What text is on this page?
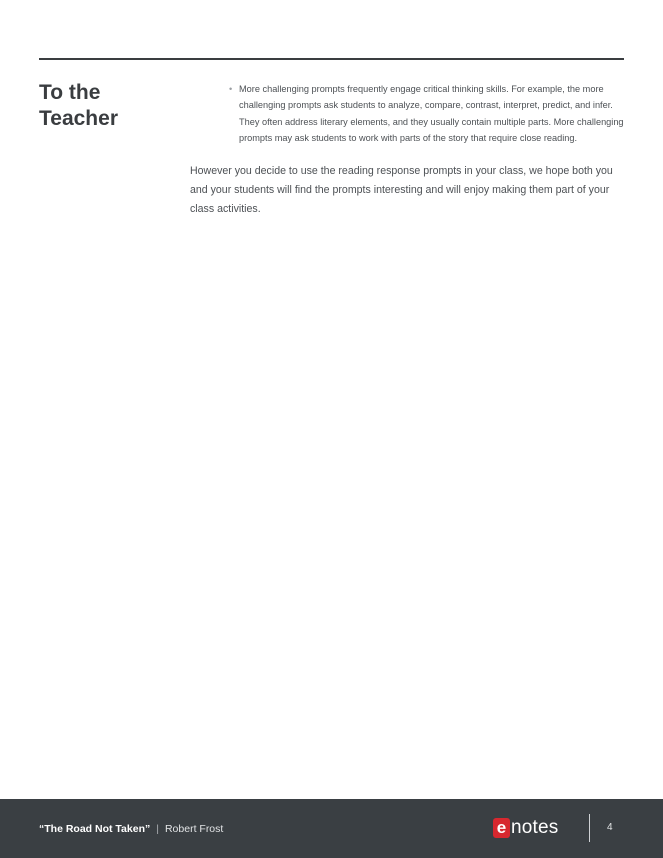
To the
Teacher
• More challenging prompts frequently engage critical thinking skills. For example, the more challenging prompts ask students to analyze, compare, contrast, interpret, predict, and infer. They often address literary elements, and they usually contain multiple parts. More challenging prompts may ask students to work with parts of the story that require close reading.

However you decide to use the reading response prompts in your class, we hope both you and your students will find the prompts interesting and will enjoy making them part of your class activities.

“The Road Not Taken” | Robert Frost	e notes	4
